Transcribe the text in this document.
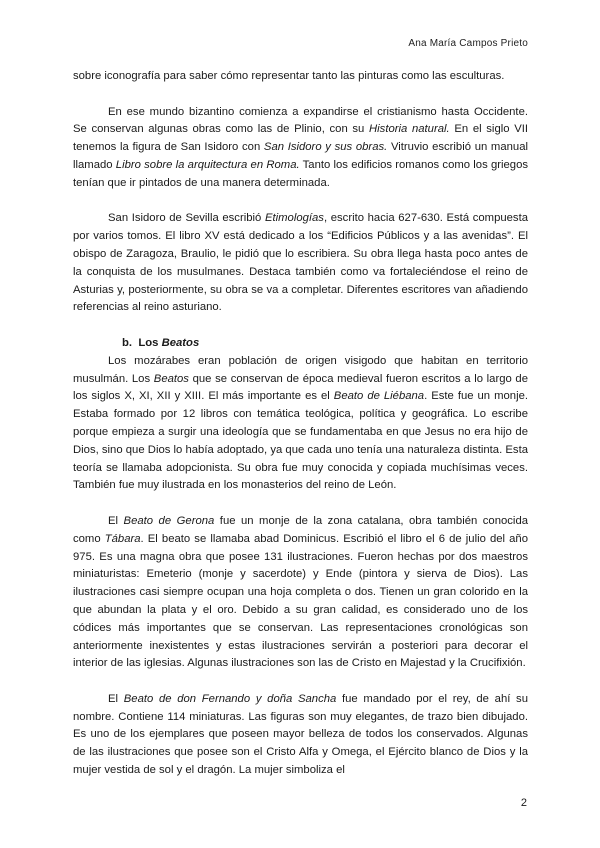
Ana María Campos Prieto

sobre iconografía para saber cómo representar tanto las pinturas como las esculturas.

En ese mundo bizantino comienza a expandirse el cristianismo hasta Occidente. Se conservan algunas obras como las de Plinio, con su Historia natural. En el siglo VII tenemos la figura de San Isidoro con San Isidoro y sus obras. Vitruvio escribió un manual llamado Libro sobre la arquitectura en Roma. Tanto los edificios romanos como los griegos tenían que ir pintados de una manera determinada.

San Isidoro de Sevilla escribió Etimologías, escrito hacia 627-630. Está compuesta por varios tomos. El libro XV está dedicado a los “Edificios Públicos y a las avenidas”. El obispo de Zaragoza, Braulio, le pidió que lo escribiera. Su obra llega hasta poco antes de la conquista de los musulmanes. Destaca también como va fortaleciéndose el reino de Asturias y, posteriormente, su obra se va a completar. Diferentes escritores van añadiendo referencias al reino asturiano.

b. Los Beatos

Los mozárabes eran población de origen visigodo que habitan en territorio musulmán. Los Beatos que se conservan de época medieval fueron escritos a lo largo de los siglos X, XI, XII y XIII. El más importante es el Beato de Liébana. Este fue un monje. Estaba formado por 12 libros con temática teológica, política y geográfica. Lo escribe porque empieza a surgir una ideología que se fundamentaba en que Jesus no era hijo de Dios, sino que Dios lo había adoptado, ya que cada uno tenía una naturaleza distinta. Esta teoría se llamaba adopcionista. Su obra fue muy conocida y copiada muchísimas veces. También fue muy ilustrada en los monasterios del reino de León.

El Beato de Gerona fue un monje de la zona catalana, obra también conocida como Tábara. El beato se llamaba abad Dominicus. Escribió el libro el 6 de julio del año 975. Es una magna obra que posee 131 ilustraciones. Fueron hechas por dos maestros miniaturistas: Emeterio (monje y sacerdote) y Ende (pintora y sierva de Dios). Las ilustraciones casi siempre ocupan una hoja completa o dos. Tienen un gran colorido en la que abundan la plata y el oro. Debido a su gran calidad, es considerado uno de los códices más importantes que se conservan. Las representaciones cronológicas son anteriormente inexistentes y estas ilustraciones servirán a posteriori para decorar el interior de las iglesias. Algunas ilustraciones son las de Cristo en Majestad y la Crucifixión.

El Beato de don Fernando y doña Sancha fue mandado por el rey, de ahí su nombre. Contiene 114 miniaturas. Las figuras son muy elegantes, de trazo bien dibujado. Es uno de los ejemplares que poseen mayor belleza de todos los conservados. Algunas de las ilustraciones que posee son el Cristo Alfa y Omega, el Ejército blanco de Dios y la mujer vestida de sol y el dragón. La mujer simboliza el

2
